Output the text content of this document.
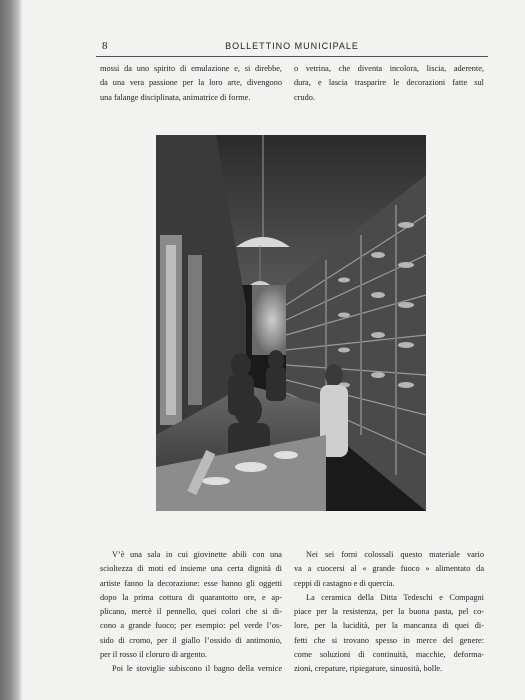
8	BOLLETTINO MUNICIPALE
mossi da uno spirito di emulazione e, si direbbe,
da una vera passione per la loro arte, divengono
una falange disciplinata, animatrice di forme.
o vetrina, che diventa incolora, liscia, aderente,
dura, e lascia trasparire le decorazioni fatte sul
crudo.
V’è una sala in cui giovinette abili con una
scioltezza di moti ed insieme una certa dignità di
artiste fanno la decorazione: esse hanno gli oggetti
dopo la prima cottura di quarantotto ore, e ap-
plicano, mercè il pennello, quei colori che si di-
cono a grande fuoco; per esempio: pel verde l’os-
sido di cromo, per il giallo l’ossido di antimonio,
per il rosso il cloruro di argento.
Poi le stoviglie subiscono il bagno della vernice
Nei sei forni colossali questo materiale vario
va a cuocersi al « grande fuoco » alimentato da
ceppi di castagno e di quercia.
La ceramica della Ditta Tedeschi e Compagni
piace per la resistenza, per la buona pasta, pel co-
lore, per la lucidità, per la mancanza di quei di-
fetti che si trovano spesso in merce del genere:
come soluzioni di continuità, macchie, deforma-
zioni, crepature, ripiegature, sinuosità, bolle.
